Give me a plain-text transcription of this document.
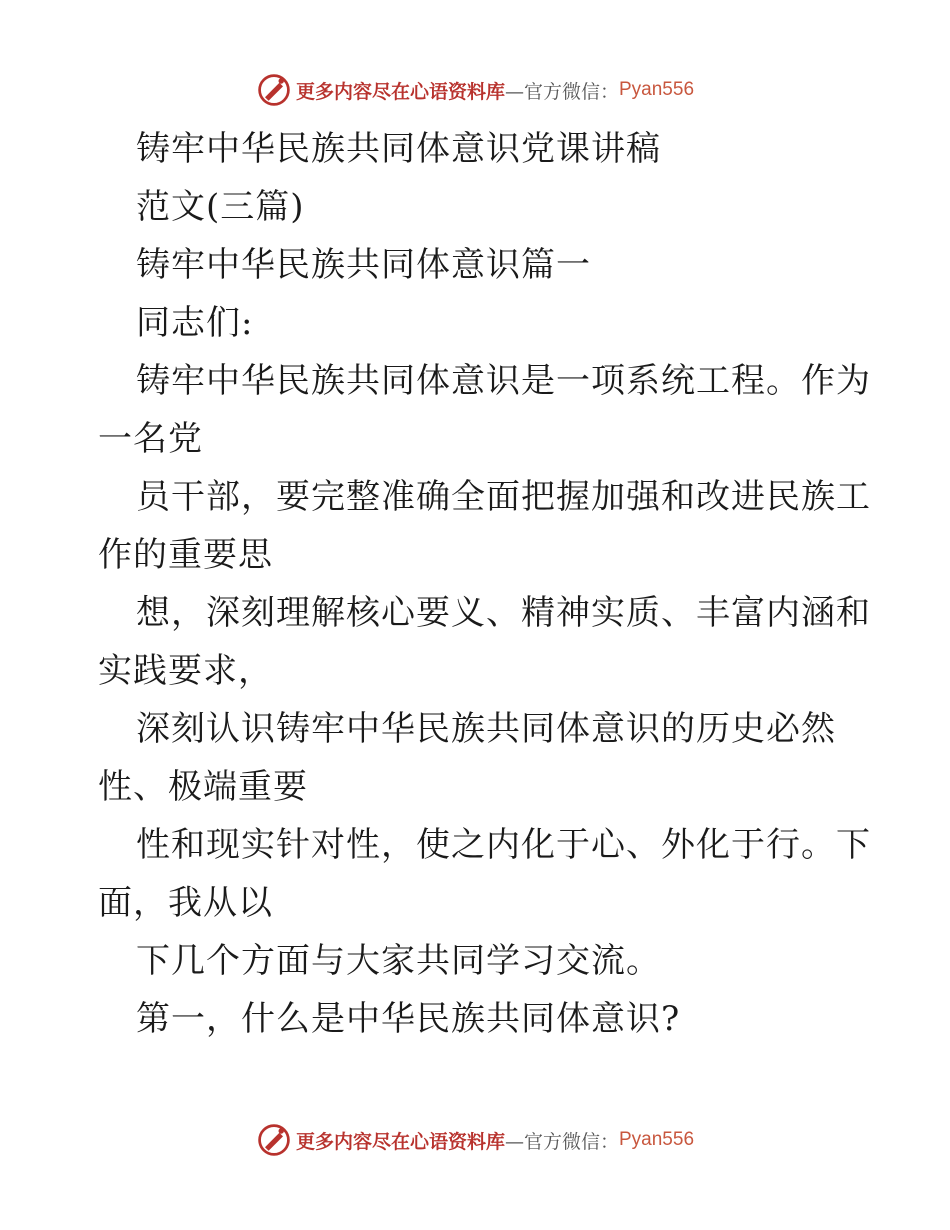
更多内容尽在心语资料库 —官方微信： Pyan556
铸牢中华民族共同体意识党课讲稿
范文(三篇)
铸牢中华民族共同体意识篇一
同志们:
铸牢中华民族共同体意识是一项系统工程。作为
一名党
员干部，要完整准确全面把握加强和改进民族工
作的重要思
想，深刻理解核心要义、精神实质、丰富内涵和
实践要求，
深刻认识铸牢中华民族共同体意识的历史必然
性、极端重要
性和现实针对性，使之内化于心、外化于行。下
面，我从以
下几个方面与大家共同学习交流。
第一，什么是中华民族共同体意识?
更多内容尽在心语资料库 —官方微信： Pyan556
